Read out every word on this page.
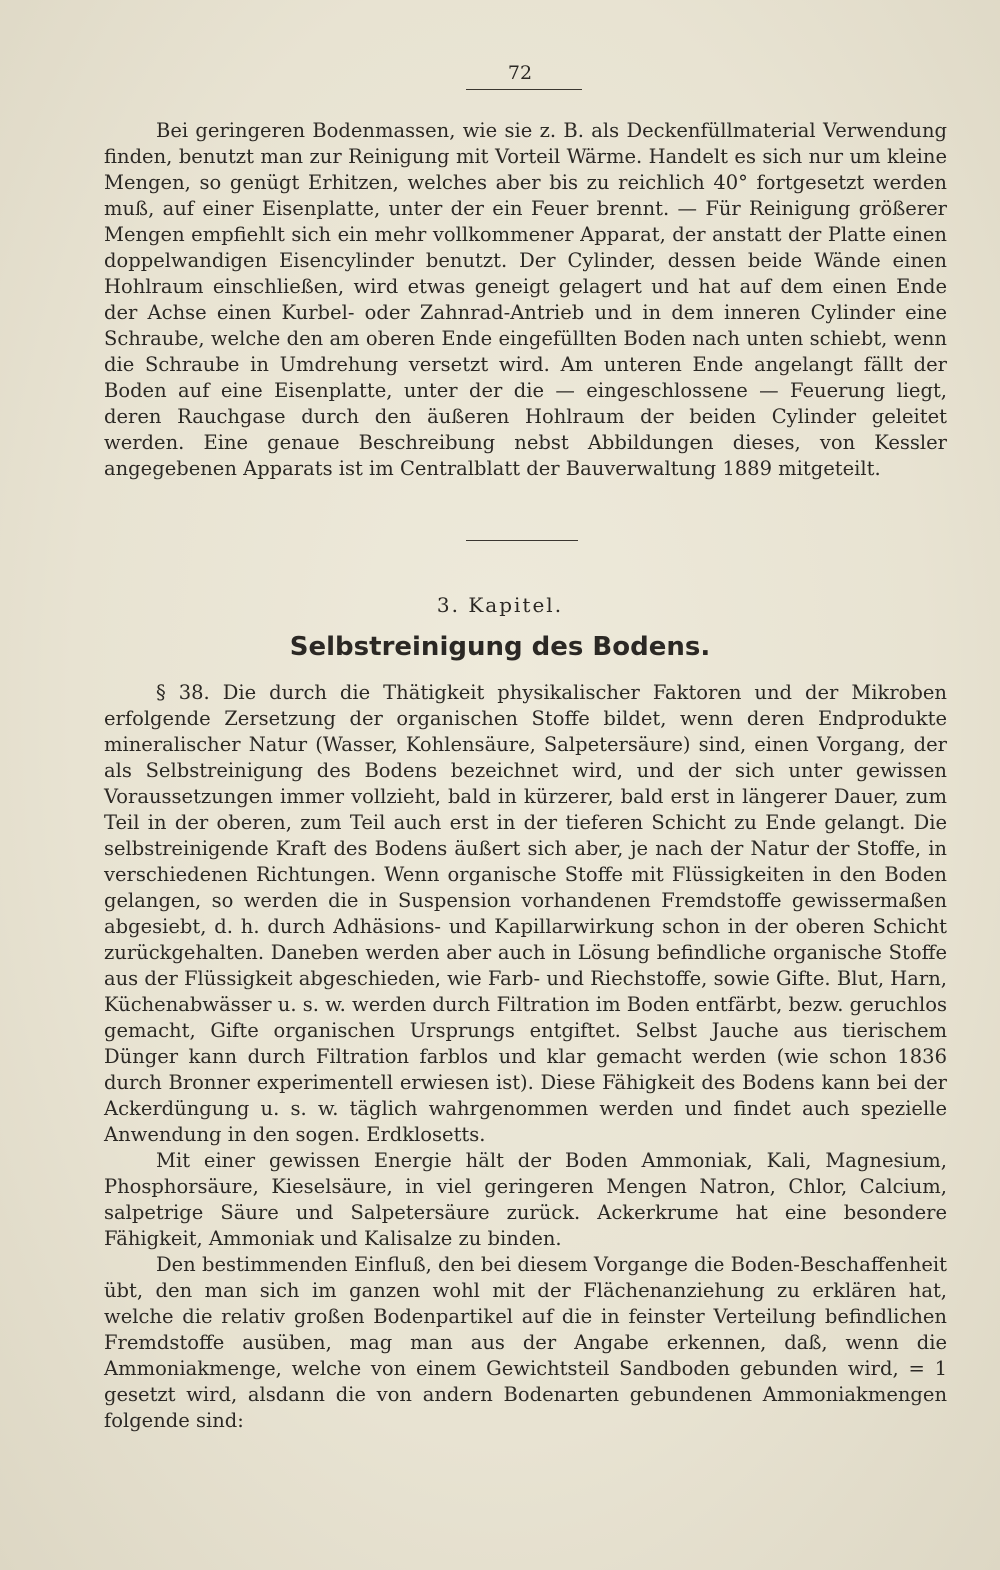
72

Bei geringeren Bodenmassen, wie sie z. B. als Deckenfüllmaterial Verwendung finden, benutzt man zur Reinigung mit Vorteil Wärme. Handelt es sich nur um kleine Mengen, so genügt Erhitzen, welches aber bis zu reichlich 40° fortgesetzt werden muß, auf einer Eisenplatte, unter der ein Feuer brennt. — Für Reinigung größerer Mengen empfiehlt sich ein mehr vollkommener Apparat, der anstatt der Platte einen doppelwandigen Eisencylinder benutzt. Der Cylinder, dessen beide Wände einen Hohlraum einschließen, wird etwas geneigt gelagert und hat auf dem einen Ende der Achse einen Kurbel- oder Zahnrad-Antrieb und in dem inneren Cylinder eine Schraube, welche den am oberen Ende eingefüllten Boden nach unten schiebt, wenn die Schraube in Umdrehung versetzt wird. Am unteren Ende angelangt fällt der Boden auf eine Eisenplatte, unter der die — eingeschlossene — Feuerung liegt, deren Rauchgase durch den äußeren Hohlraum der beiden Cylinder geleitet werden. Eine genaue Beschreibung nebst Abbildungen dieses, von Kessler angegebenen Apparats ist im Centralblatt der Bauverwaltung 1889 mitgeteilt.

3. Kapitel.
Selbstreinigung des Bodens.

§ 38. Die durch die Thätigkeit physikalischer Faktoren und der Mikroben erfolgende Zersetzung der organischen Stoffe bildet, wenn deren Endprodukte mineralischer Natur (Wasser, Kohlensäure, Salpetersäure) sind, einen Vorgang, der als Selbstreinigung des Bodens bezeichnet wird, und der sich unter gewissen Voraussetzungen immer vollzieht, bald in kürzerer, bald erst in längerer Dauer, zum Teil in der oberen, zum Teil auch erst in der tieferen Schicht zu Ende gelangt. Die selbstreinigende Kraft des Bodens äußert sich aber, je nach der Natur der Stoffe, in verschiedenen Richtungen. Wenn organische Stoffe mit Flüssigkeiten in den Boden gelangen, so werden die in Suspension vorhandenen Fremdstoffe gewissermaßen abgesiebt, d. h. durch Adhäsions- und Kapillarwirkung schon in der oberen Schicht zurückgehalten. Daneben werden aber auch in Lösung befindliche organische Stoffe aus der Flüssigkeit abgeschieden, wie Farb- und Riechstoffe, sowie Gifte. Blut, Harn, Küchenabwässer u. s. w. werden durch Filtration im Boden entfärbt, bezw. geruchlos gemacht, Gifte organischen Ursprungs entgiftet. Selbst Jauche aus tierischem Dünger kann durch Filtration farblos und klar gemacht werden (wie schon 1836 durch Bronner experimentell erwiesen ist). Diese Fähigkeit des Bodens kann bei der Ackerdüngung u. s. w. täglich wahrgenommen werden und findet auch spezielle Anwendung in den sogen. Erdklosetts.

Mit einer gewissen Energie hält der Boden Ammoniak, Kali, Magnesium, Phosphorsäure, Kieselsäure, in viel geringeren Mengen Natron, Chlor, Calcium, salpetrige Säure und Salpetersäure zurück. Ackerkrume hat eine besondere Fähigkeit, Ammoniak und Kalisalze zu binden.

Den bestimmenden Einfluß, den bei diesem Vorgange die Boden-Beschaffenheit übt, den man sich im ganzen wohl mit der Flächenanziehung zu erklären hat, welche die relativ großen Bodenpartikel auf die in feinster Verteilung befindlichen Fremdstoffe ausüben, mag man aus der Angabe erkennen, daß, wenn die Ammoniakmenge, welche von einem Gewichtsteil Sandboden gebunden wird, = 1 gesetzt wird, alsdann die von andern Bodenarten gebundenen Ammoniakmengen folgende sind:
